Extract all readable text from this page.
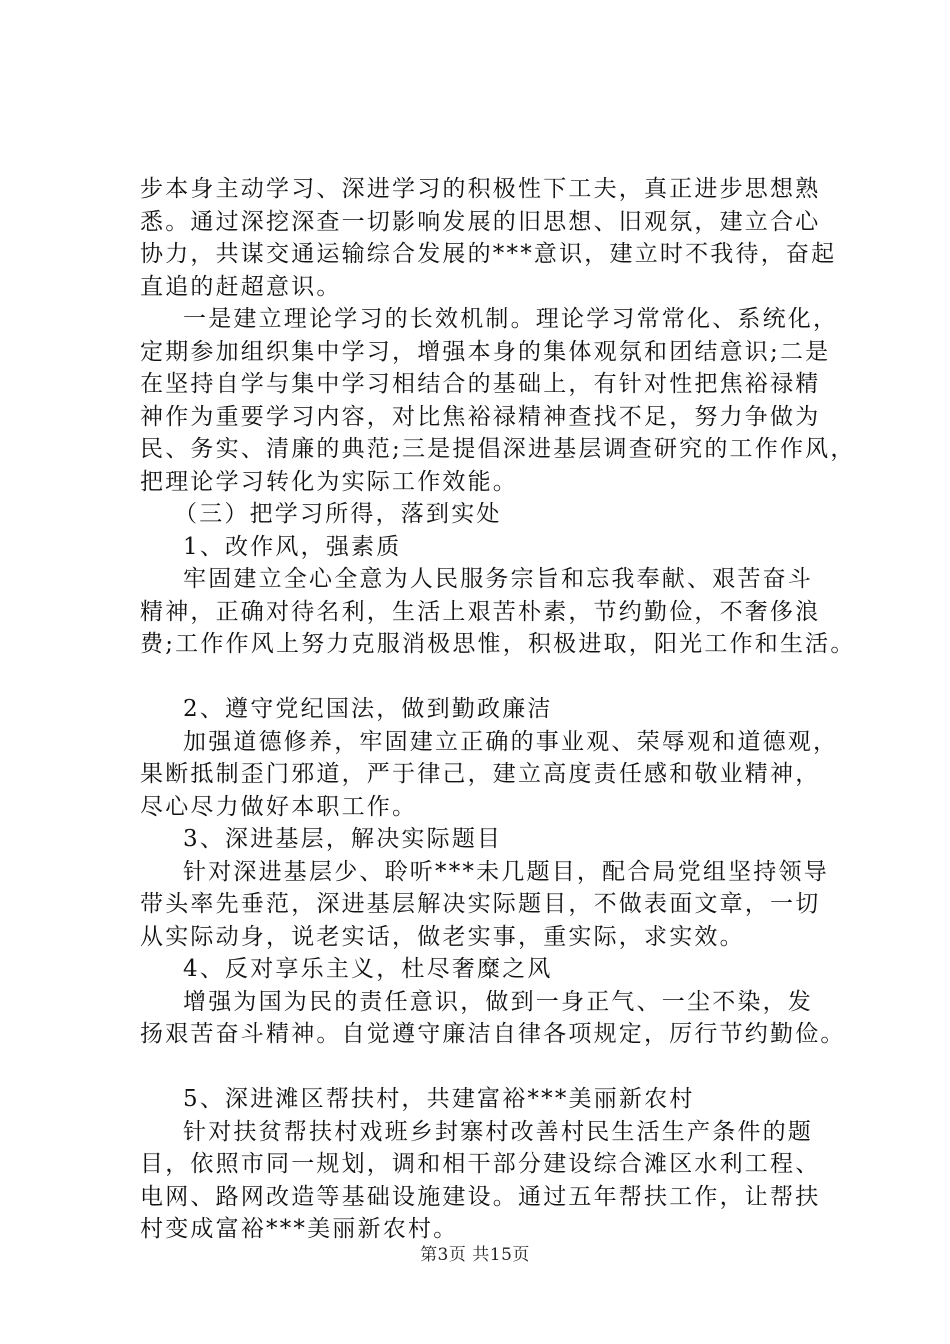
步本身主动学习、深进学习的积极性下工夫，真正进步思想熟
悉。通过深挖深查一切影响发展的旧思想、旧观氛，建立合心
协力，共谋交通运输综合发展的***意识，建立时不我待，奋起
直追的赶超意识。
一是建立理论学习的长效机制。理论学习常常化、系统化，
定期参加组织集中学习，增强本身的集体观氛和团结意识;二是
在坚持自学与集中学习相结合的基础上，有针对性把焦裕禄精
神作为重要学习内容，对比焦裕禄精神查找不足，努力争做为
民、务实、清廉的典范;三是提倡深进基层调查研究的工作作风，
把理论学习转化为实际工作效能。
（三）把学习所得，落到实处
1、改作风，强素质
牢固建立全心全意为人民服务宗旨和忘我奉献、艰苦奋斗
精神，正确对待名利，生活上艰苦朴素，节约勤俭，不奢侈浪
费;工作作风上努力克服消极思惟，积极进取，阳光工作和生活。
2、遵守党纪国法，做到勤政廉洁
加强道德修养，牢固建立正确的事业观、荣辱观和道德观，
果断抵制歪门邪道，严于律己，建立高度责任感和敬业精神，
尽心尽力做好本职工作。
3、深进基层，解决实际题目
针对深进基层少、聆听***未几题目，配合局党组坚持领导
带头率先垂范，深进基层解决实际题目，不做表面文章，一切
从实际动身，说老实话，做老实事，重实际，求实效。
4、反对享乐主义，杜尽奢糜之风
增强为国为民的责任意识，做到一身正气、一尘不染，发
扬艰苦奋斗精神。自觉遵守廉洁自律各项规定，厉行节约勤俭。
5、深进滩区帮扶村，共建富裕***美丽新农村
针对扶贫帮扶村戏班乡封寨村改善村民生活生产条件的题
目，依照市同一规划，调和相干部分建设综合滩区水利工程、
电网、路网改造等基础设施建设。通过五年帮扶工作，让帮扶
村变成富裕***美丽新农村。
第3页 共15页
